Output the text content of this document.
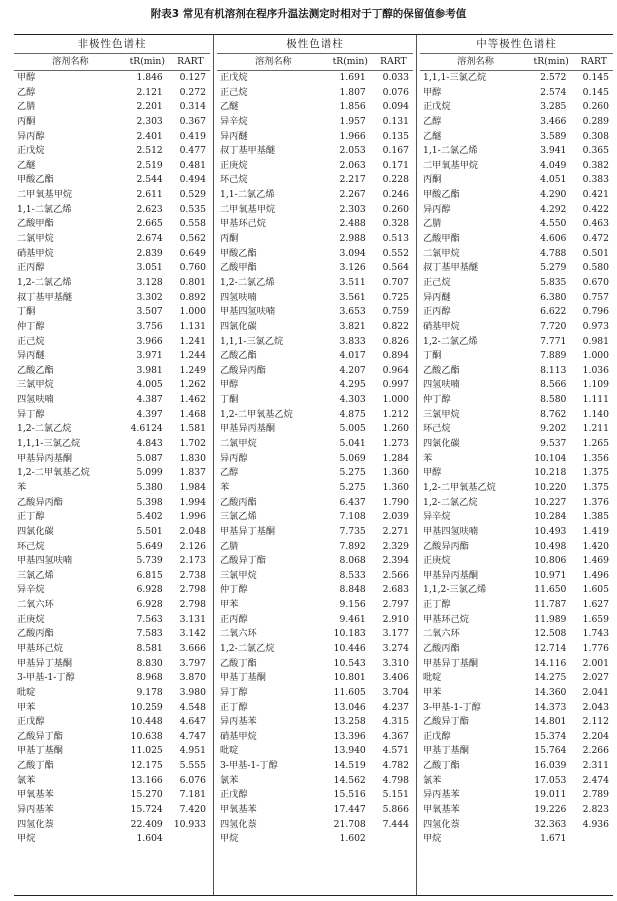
附表3 常见有机溶剂在程序升温法测定时相对于丁醇的保留值参考值
非极性色谱柱
溶剂名称	tR(min)	RART
甲醇	1.846	0.127
乙醇	2.121	0.272
乙腈	2.201	0.314
丙酮	2.303	0.367
异丙醇	2.401	0.419
正戊烷	2.512	0.477
乙醚	2.519	0.481
甲酸乙酯	2.544	0.494
二甲氧基甲烷	2.611	0.529
1,1-二氯乙烯	2.623	0.535
乙酸甲酯	2.665	0.558
二氯甲烷	2.674	0.562
硝基甲烷	2.839	0.649
正丙醇	3.051	0.760
1,2-二氯乙烯	3.128	0.801
叔丁基甲基醚	3.302	0.892
丁酮	3.507	1.000
仲丁醇	3.756	1.131
正己烷	3.966	1.241
异丙醚	3.971	1.244
乙酸乙酯	3.981	1.249
三氯甲烷	4.005	1.262
四氢呋喃	4.387	1.462
异丁醇	4.397	1.468
1,2-二氯乙烷	4.6124	1.581
1,1,1-三氯乙烷	4.843	1.702
甲基异丙基酮	5.087	1.830
1,2-二甲氧基乙烷	5.099	1.837
苯	5.380	1.984
乙酸异丙酯	5.398	1.994
正丁醇	5.402	1.996
四氯化碳	5.501	2.048
环己烷	5.649	2.126
甲基四氢呋喃	5.739	2.173
三氯乙烯	6.815	2.738
异辛烷	6.928	2.798
二氧六环	6.928	2.798
正庚烷	7.563	3.131
乙酸丙酯	7.583	3.142
甲基环己烷	8.581	3.666
甲基异丁基酮	8.830	3.797
3-甲基-1-丁醇	8.968	3.870
吡啶	9.178	3.980
甲苯	10.259	4.548
正戊醇	10.448	4.647
乙酸异丁酯	10.638	4.747
甲基丁基酮	11.025	4.951
乙酸丁酯	12.175	5.555
氯苯	13.166	6.076
甲氧基苯	15.270	7.181
异丙基苯	15.724	7.420
四氢化萘	22.409	10.933
甲烷	1.604
极性色谱柱
溶剂名称	tR(min)	RART
正戊烷	1.691	0.033
正己烷	1.807	0.076
乙醚	1.856	0.094
异辛烷	1.957	0.131
异丙醚	1.966	0.135
叔丁基甲基醚	2.053	0.167
正庚烷	2.063	0.171
环己烷	2.217	0.228
1,1-二氯乙烯	2.267	0.246
二甲氧基甲烷	2.303	0.260
甲基环己烷	2.488	0.328
丙酮	2.988	0.513
甲酸乙酯	3.094	0.552
乙酸甲酯	3.126	0.564
1,2-二氯乙烯	3.511	0.707
四氢呋喃	3.561	0.725
甲基四氢呋喃	3.653	0.759
四氯化碳	3.821	0.822
1,1,1-三氯乙烷	3.833	0.826
乙酸乙酯	4.017	0.894
乙酸异丙酯	4.207	0.964
甲醇	4.295	0.997
丁酮	4.303	1.000
1,2-二甲氧基乙烷	4.875	1.212
甲基异丙基酮	5.005	1.260
二氯甲烷	5.041	1.273
异丙醇	5.069	1.284
乙醇	5.275	1.360
苯	5.275	1.360
乙酸丙酯	6.437	1.790
三氯乙烯	7.108	2.039
甲基异丁基酮	7.735	2.271
乙腈	7.892	2.329
乙酸异丁酯	8.068	2.394
三氯甲烷	8.533	2.566
仲丁醇	8.848	2.683
甲苯	9.156	2.797
正丙醇	9.461	2.910
二氧六环	10.183	3.177
1,2-二氯乙烷	10.446	3.274
乙酸丁酯	10.543	3.310
甲基丁基酮	10.801	3.406
异丁醇	11.605	3.704
正丁醇	13.046	4.237
异丙基苯	13.258	4.315
硝基甲烷	13.396	4.367
吡啶	13.940	4.571
3-甲基-1-丁醇	14.519	4.782
氯苯	14.562	4.798
正戊醇	15.516	5.151
甲氧基苯	17.447	5.866
四氢化萘	21.708	7.444
甲烷	1.602
中等极性色谱柱
溶剂名称	tR(min)	RART
1,1,1-三氯乙烷	2.572	0.145
甲醇	2.574	0.145
正戊烷	3.285	0.260
乙醇	3.466	0.289
乙醚	3.589	0.308
1,1-二氯乙烯	3.941	0.365
二甲氧基甲烷	4.049	0.382
丙酮	4.051	0.383
甲酸乙酯	4.290	0.421
异丙醇	4.292	0.422
乙腈	4.550	0.463
乙酸甲酯	4.606	0.472
二氯甲烷	4.788	0.501
叔丁基甲基醚	5.279	0.580
正己烷	5.835	0.670
异丙醚	6.380	0.757
正丙醇	6.622	0.796
硝基甲烷	7.720	0.973
1,2-二氯乙烯	7.771	0.981
丁酮	7.889	1.000
乙酸乙酯	8.113	1.036
四氢呋喃	8.566	1.109
仲丁醇	8.580	1.111
三氯甲烷	8.762	1.140
环己烷	9.202	1.211
四氯化碳	9.537	1.265
苯	10.104	1.356
甲醇	10.218	1.375
1,2-二甲氧基乙烷	10.220	1.375
1,2-二氯乙烷	10.227	1.376
异辛烷	10.284	1.385
甲基四氢呋喃	10.493	1.419
乙酸异丙酯	10.498	1.420
正庚烷	10.806	1.469
甲基异丙基酮	10.971	1.496
1,1,2-三氯乙烯	11.650	1.605
正丁醇	11.787	1.627
甲基环己烷	11.989	1.659
二氧六环	12.508	1.743
乙酸丙酯	12.714	1.776
甲基异丁基酮	14.116	2.001
吡啶	14.275	2.027
甲苯	14.360	2.041
3-甲基-1-丁醇	14.373	2.043
乙酸异丁酯	14.801	2.112
正戊醇	15.374	2.204
甲基丁基酮	15.764	2.266
乙酸丁酯	16.039	2.311
氯苯	17.053	2.474
异丙基苯	19.011	2.789
甲氧基苯	19.226	2.823
四氢化萘	32.363	4.936
甲烷	1.671
